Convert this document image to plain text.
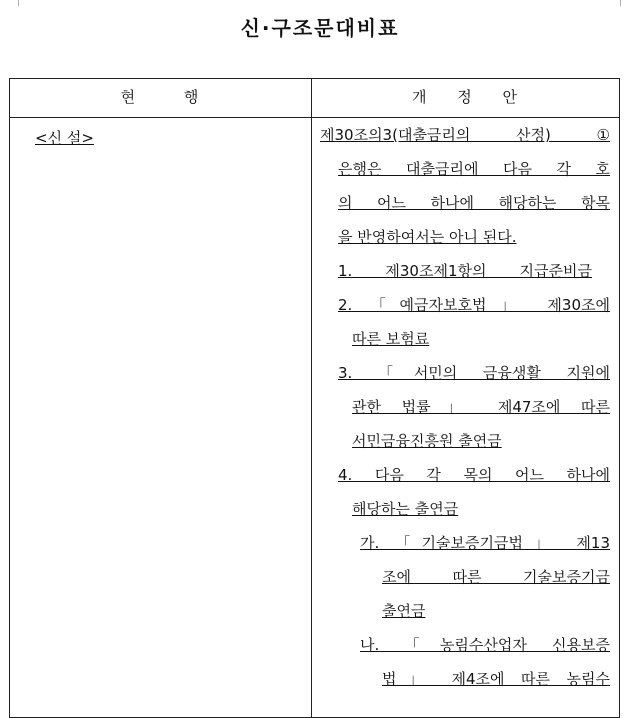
신·구조문대비표
현 행	개 정 안
<신 설>	제30조의3(대출금리의 산정) ①
은행은 대출금리에 다음 각 호
의 어느 하나에 해당하는 항목
을 반영하여서는 아니 된다.
1. 제30조제1항의 지급준비금
2. 「예금자보호법」 제30조에
따른 보험료
3. 「서민의 금융생활 지원에
관한 법률」 제47조에 따른
서민금융진흥원 출연금
4. 다음 각 목의 어느 하나에
해당하는 출연금
가. 「기술보증기금법」 제13
조에 따른 기술보증기금
출연금
나. 「농림수산업자 신용보증
법」 제4조에 따른 농림수
